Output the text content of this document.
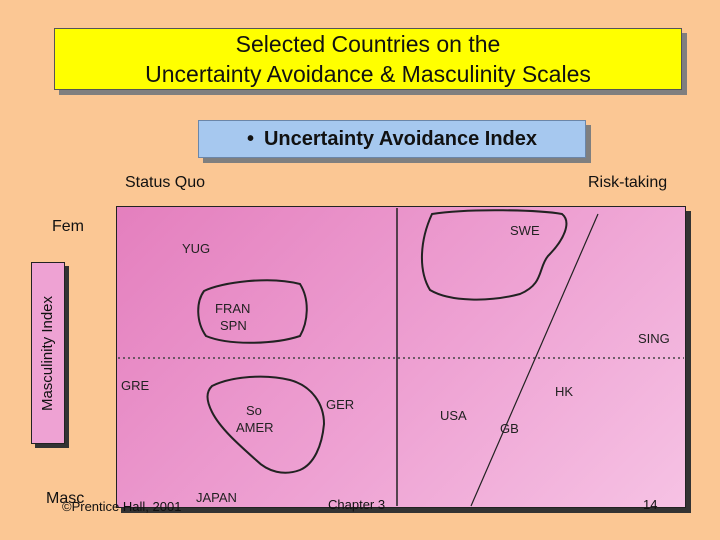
Selected Countries on the
Uncertainty Avoidance & Masculinity Scales
• Uncertainty Avoidance Index
Status Quo	Risk-taking
Fem
Masc
Masculinity Index
SWE
YUG
FRAN
SPN
SING
GRE	HK
So
AMER
GER
USA
GB
JAPAN
©Prentice Hall, 2001	Chapter 3	14
